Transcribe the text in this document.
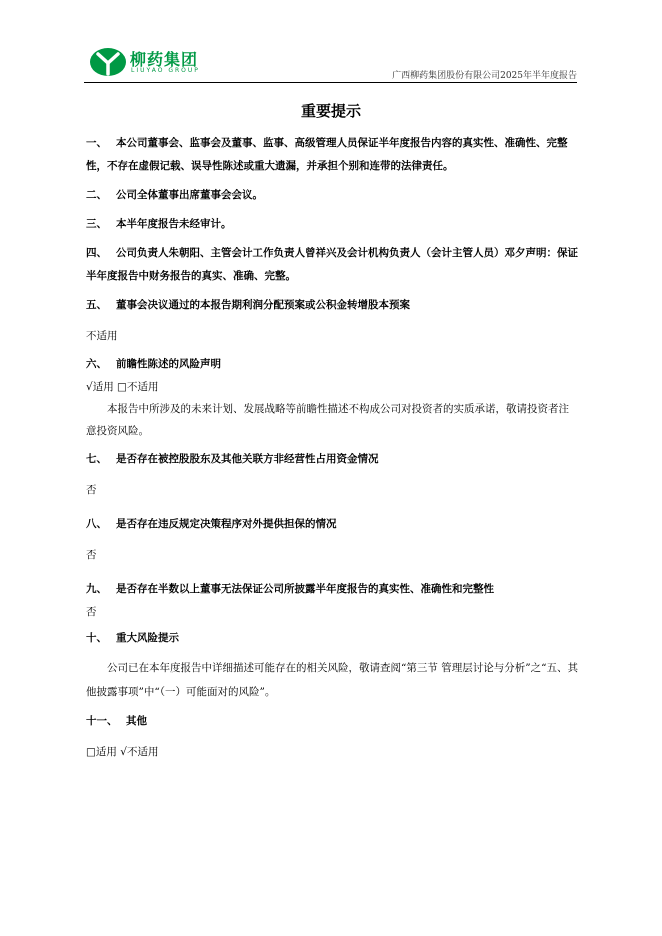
柳药集团
LIUYAO GROUP
广西柳药集团股份有限公司2025年半年度报告
重要提示

一、 本公司董事会、监事会及董事、监事、高级管理人员保证半年度报告内容的真实性、准确性、完整性，不存在虚假记载、误导性陈述或重大遗漏，并承担个别和连带的法律责任。

二、 公司全体董事出席董事会会议。

三、 本半年度报告未经审计。

四、 公司负责人朱朝阳、主管会计工作负责人曾祥兴及会计机构负责人（会计主管人员）邓夕声明：保证半年度报告中财务报告的真实、准确、完整。

五、 董事会决议通过的本报告期利润分配预案或公积金转增股本预案

不适用

六、 前瞻性陈述的风险声明

√适用 □不适用

本报告中所涉及的未来计划、发展战略等前瞻性描述不构成公司对投资者的实质承诺，敬请投资者注意投资风险。

七、 是否存在被控股股东及其他关联方非经营性占用资金情况

否

八、 是否存在违反规定决策程序对外提供担保的情况

否

九、 是否存在半数以上董事无法保证公司所披露半年度报告的真实性、准确性和完整性

否

十、 重大风险提示

公司已在本年度报告中详细描述可能存在的相关风险，敬请查阅“第三节 管理层讨论与分析”之“五、其他披露事项”中“（一）可能面对的风险”。

十一、 其他

□适用 √不适用
